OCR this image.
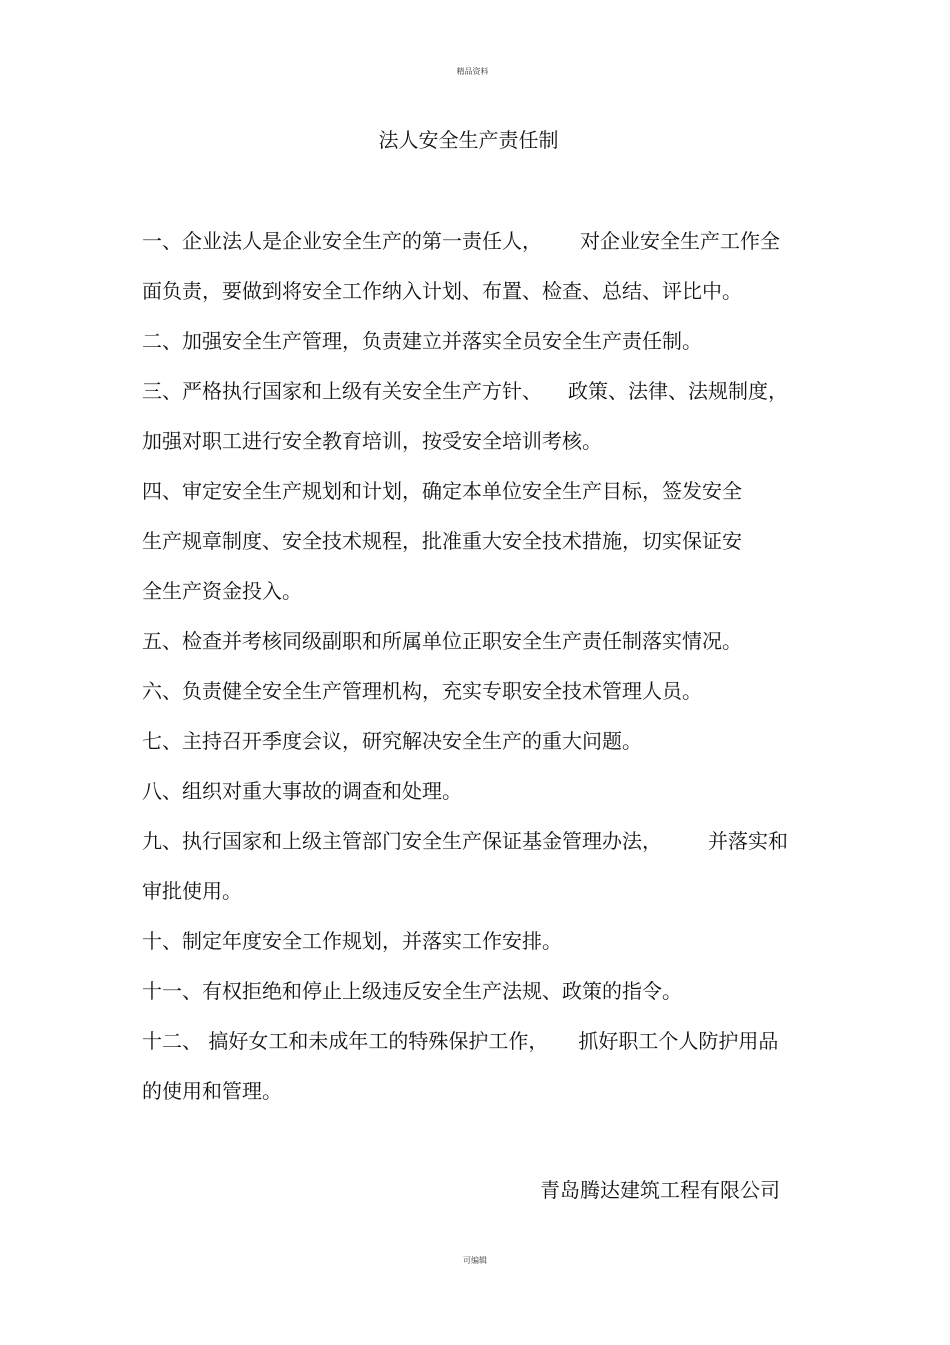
精品资料
法人安全生产责任制
一、企业法人是企业安全生产的第一责任人， 对企业安全生产工作全
面负责，要做到将安全工作纳入计划、布置、检查、总结、评比中。
二、加强安全生产管理，负责建立并落实全员安全生产责任制。
三、严格执行国家和上级有关安全生产方针、 政策、法律、法规制度，
加强对职工进行安全教育培训，按受安全培训考核。
四、审定安全生产规划和计划，确定本单位安全生产目标，签发安全
生产规章制度、安全技术规程，批准重大安全技术措施，切实保证安
全生产资金投入。
五、检查并考核同级副职和所属单位正职安全生产责任制落实情况。
六、负责健全安全生产管理机构，充实专职安全技术管理人员。
七、主持召开季度会议，研究解决安全生产的重大问题。
八、组织对重大事故的调查和处理。
九、执行国家和上级主管部门安全生产保证基金管理办法， 并落实和
审批使用。
十、制定年度安全工作规划，并落实工作安排。
十一、有权拒绝和停止上级违反安全生产法规、政策的指令。
十二、 搞好女工和未成年工的特殊保护工作， 抓好职工个人防护用品
的使用和管理。
青岛腾达建筑工程有限公司
可编辑
